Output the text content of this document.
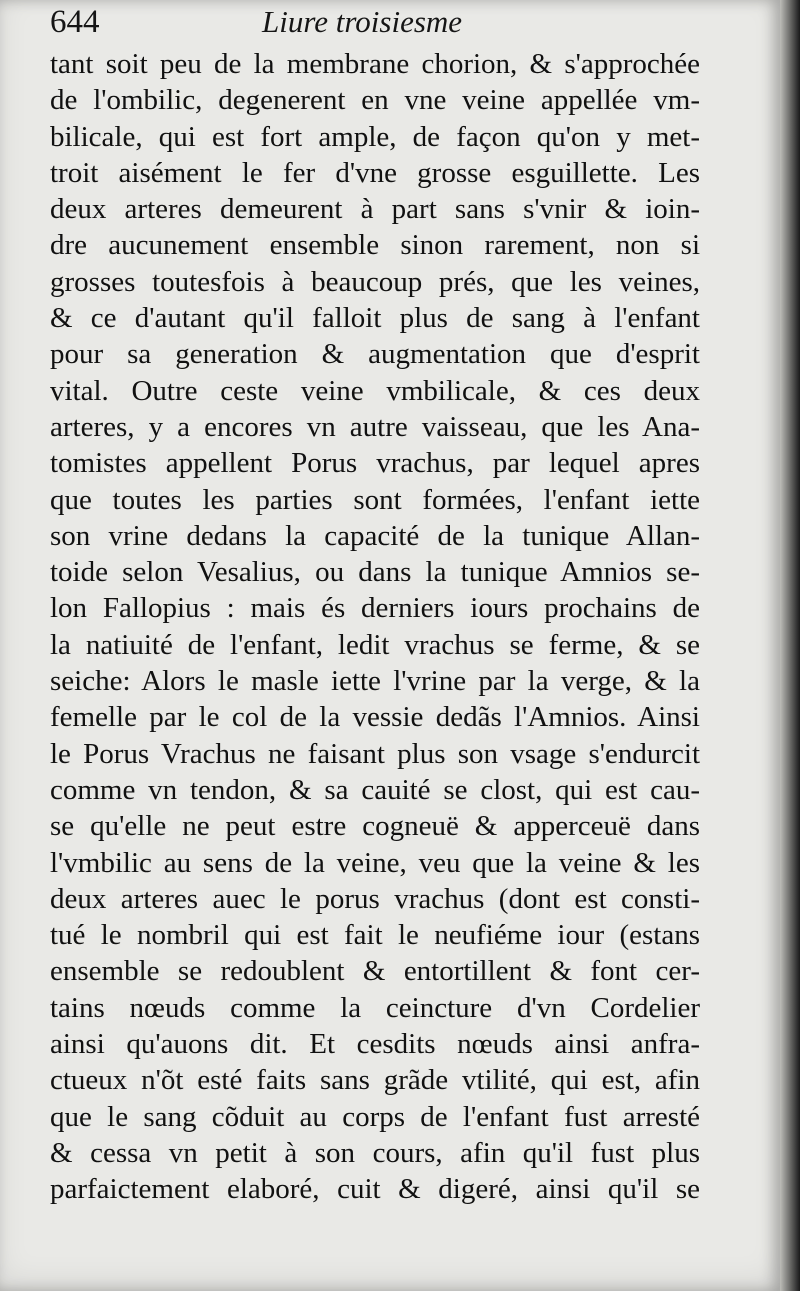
644	Liure troisiesme
tant soit peu de la membrane chorion, & s'approchée
de l'ombilic, degenerent en vne veine appellée vm-
bilicale, qui est fort ample, de façon qu'on y met-
troit aisément le fer d'vne grosse esguillette. Les
deux arteres demeurent à part sans s'vnir & ioin-
dre aucunement ensemble sinon rarement, non si
grosses toutesfois à beaucoup prés, que les veines,
& ce d'autant qu'il falloit plus de sang à l'enfant
pour sa generation & augmentation que d'esprit
vital. Outre ceste veine vmbilicale, & ces deux
arteres, y a encores vn autre vaisseau, que les Ana-
tomistes appellent Porus vrachus, par lequel apres
que toutes les parties sont formées, l'enfant iette
son vrine dedans la capacité de la tunique Allan-
toide selon Vesalius, ou dans la tunique Amnios se-
lon Fallopius : mais és derniers iours prochains de
la natiuité de l'enfant, ledit vrachus se ferme, & se
seiche: Alors le masle iette l'vrine par la verge, & la
femelle par le col de la vessie dedãs l'Amnios. Ainsi
le Porus Vrachus ne faisant plus son vsage s'endurcit
comme vn tendon, & sa cauité se clost, qui est cau-
se qu'elle ne peut estre cogneuë & apperceuë dans
l'vmbilic au sens de la veine, veu que la veine & les
deux arteres auec le porus vrachus (dont est consti-
tué le nombril qui est fait le neufiéme iour (estans
ensemble se redoublent & entortillent & font cer-
tains nœuds comme la ceincture d'vn Cordelier
ainsi qu'auons dit. Et cesdits nœuds ainsi anfra-
ctueux n'õt esté faits sans grãde vtilité, qui est, afin
que le sang cõduit au corps de l'enfant fust arresté
& cessa vn petit à son cours, afin qu'il fust plus
parfaictement elaboré, cuit & digeré, ainsi qu'il se
